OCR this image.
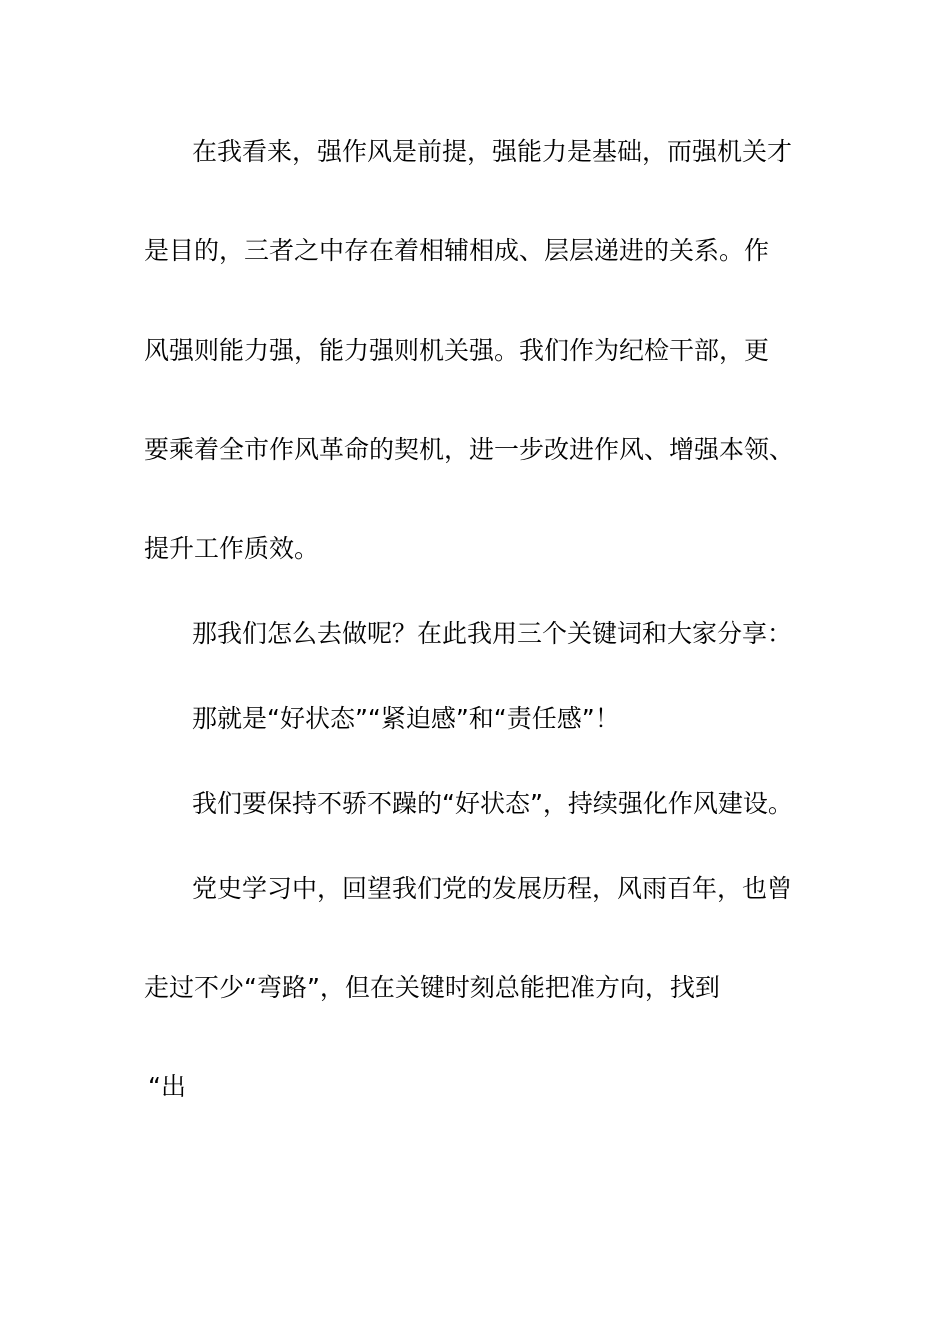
在我看来，强作风是前提，强能力是基础，而强机关才
是目的，三者之中存在着相辅相成、层层递进的关系。作
风强则能力强，能力强则机关强。我们作为纪检干部，更
要乘着全市作风革命的契机，进一步改进作风、增强本领、
提升工作质效。
那我们怎么去做呢？在此我用三个关键词和大家分享：
那就是“好状态”“紧迫感”和“责任感”！
我们要保持不骄不躁的“好状态”，持续强化作风建设。
党史学习中，回望我们党的发展历程，风雨百年，也曾
走过不少“弯路”，但在关键时刻总能把准方向，找到
“出
